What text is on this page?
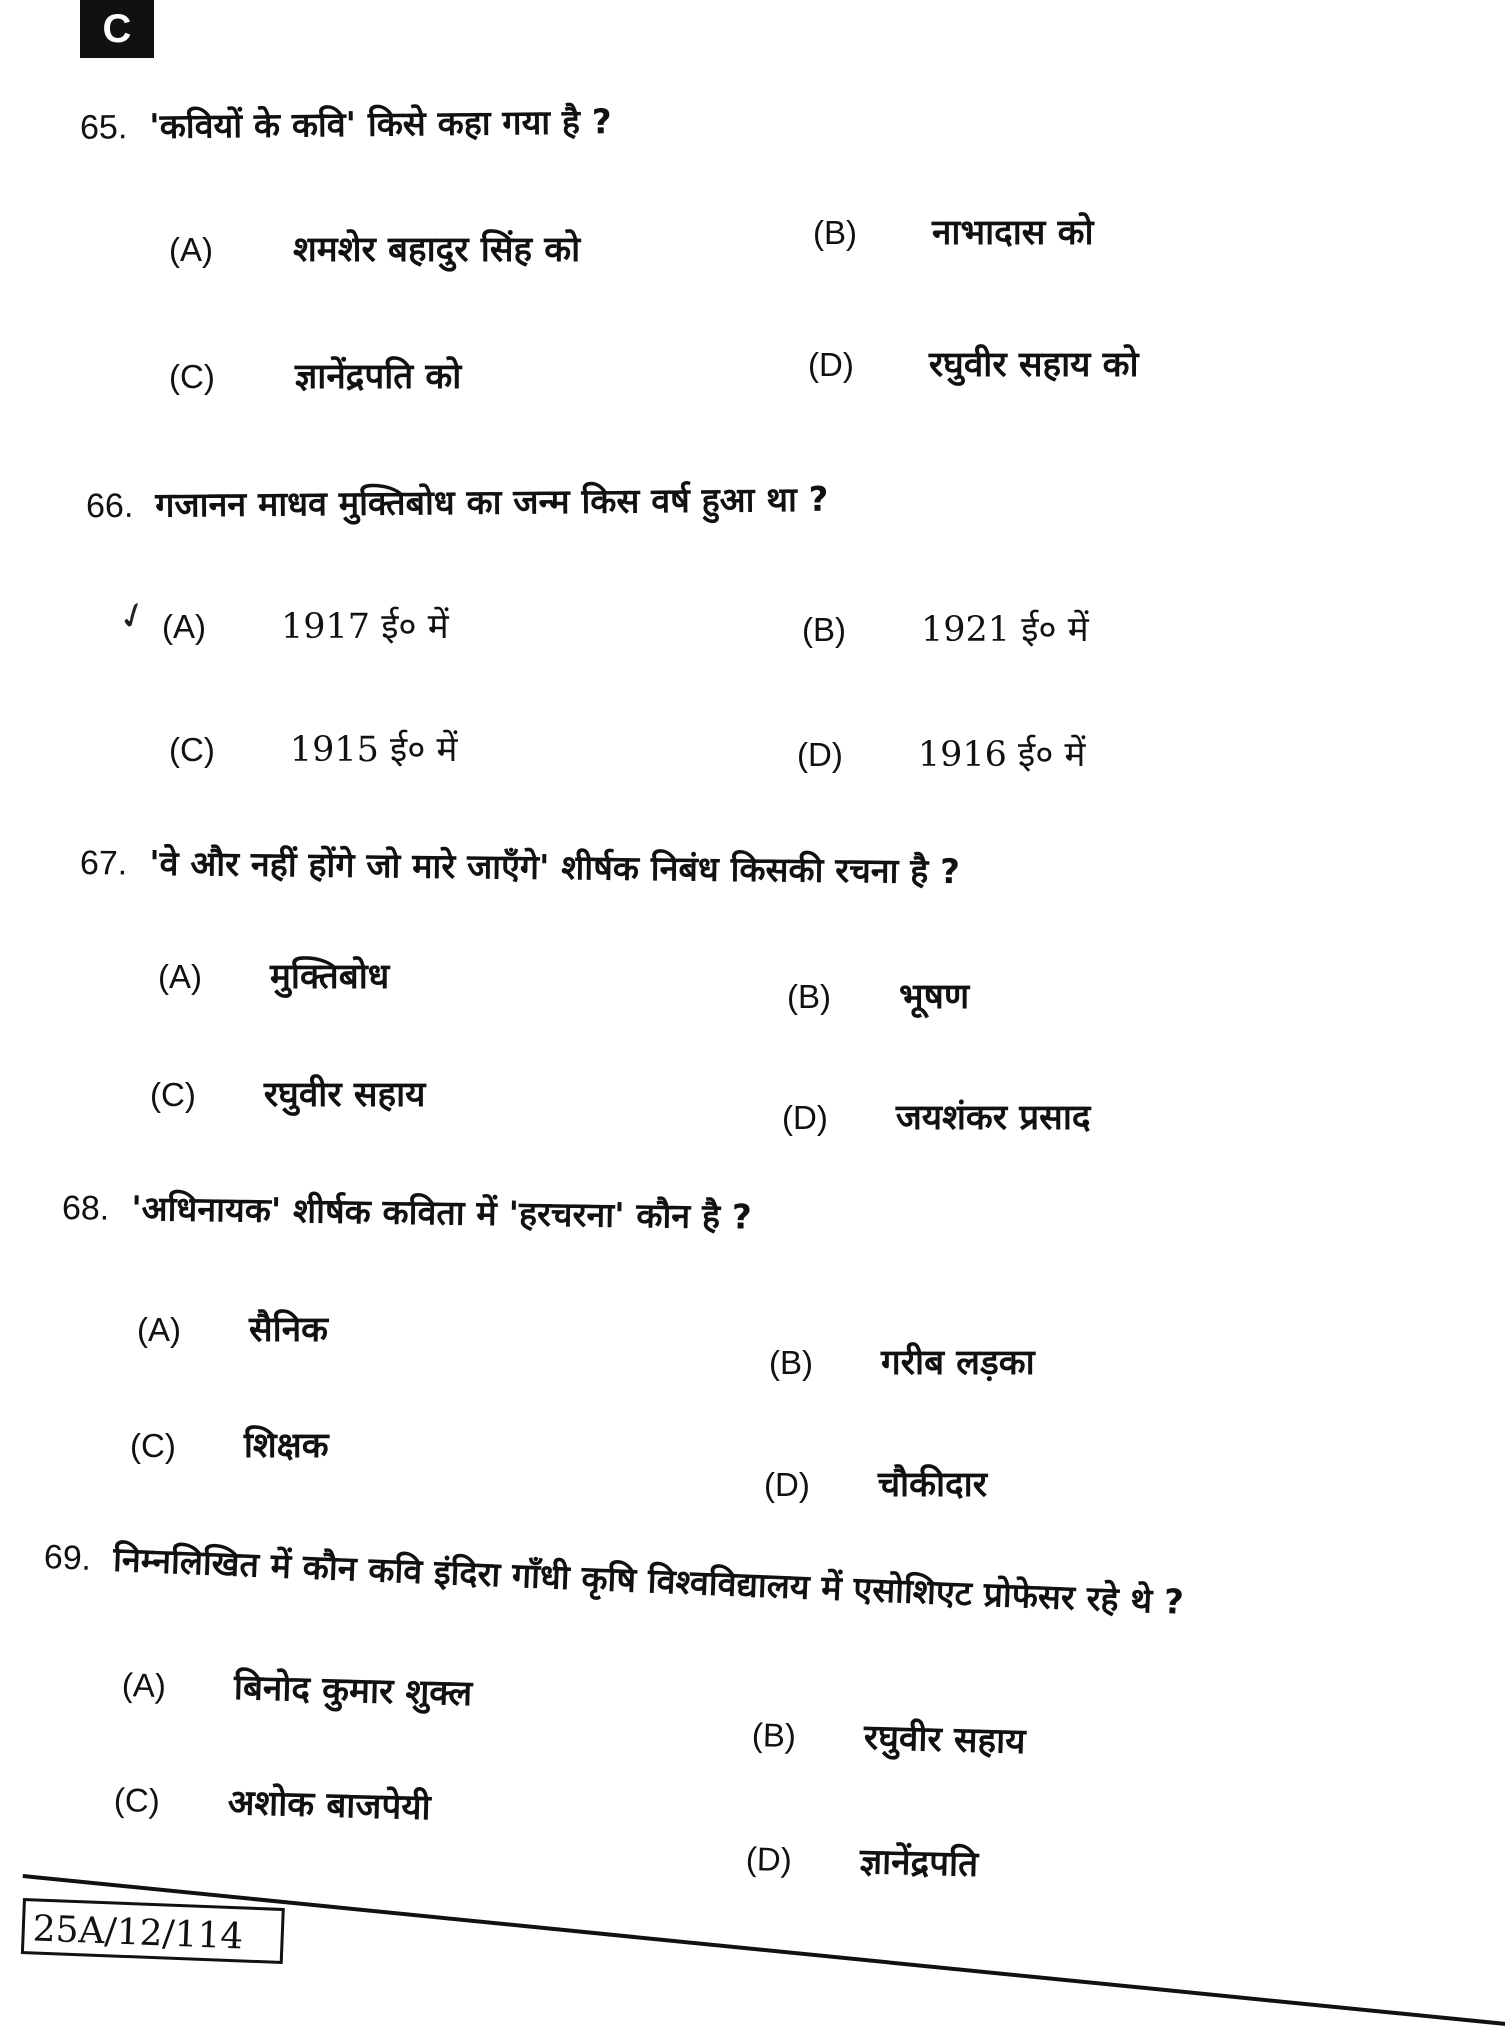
C
65. 'कवियों के कवि' किसे कहा गया है ?
(A) शमशेर बहादुर सिंह को	(B) नाभादास को
(C) ज्ञानेंद्रपति को	(D) रघुवीर सहाय को
66. गजानन माधव मुक्तिबोध का जन्म किस वर्ष हुआ था ?
✓ (A) 1917 ई० में	(B) 1921 ई० में
(C) 1915 ई० में	(D) 1916 ई० में
67. 'वे और नहीं होंगे जो मारे जाएँगे' शीर्षक निबंध किसकी रचना है ?
(A) मुक्तिबोध	(B) भूषण
(C) रघुवीर सहाय
(D) जयशंकर प्रसाद
68. 'अधिनायक' शीर्षक कविता में 'हरचरना' कौन है ?
(A) सैनिक
(B) गरीब लड़का
(C) शिक्षक
(D) चौकीदार
69. निम्नलिखित में कौन कवि इंदिरा गाँधी कृषि विश्वविद्यालय में एसोशिएट प्रोफेसर रहे थे ?
(A) बिनोद कुमार शुक्ल
(B) रघुवीर सहाय
(C) अशोक बाजपेयी
(D) ज्ञानेंद्रपति
25A/12/114
